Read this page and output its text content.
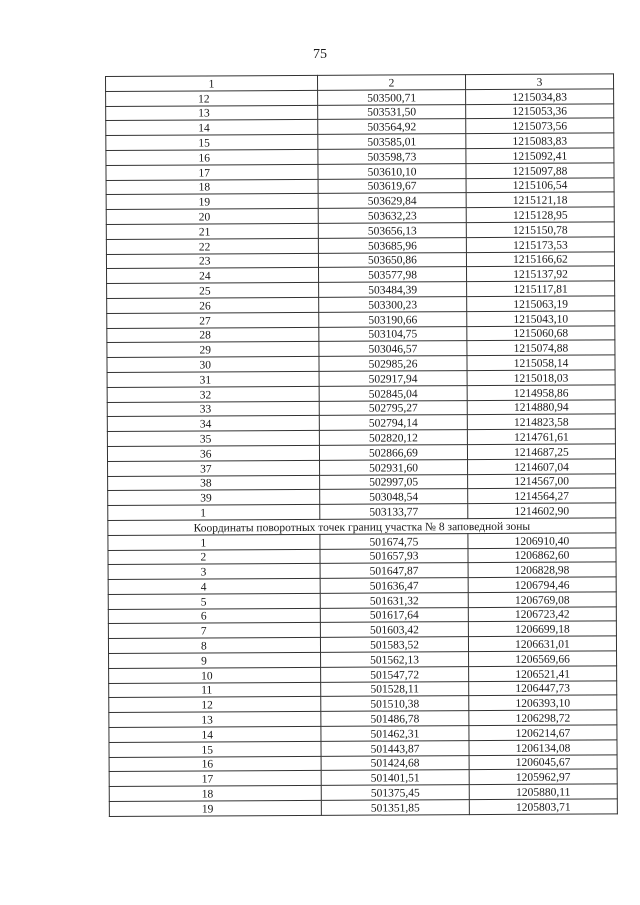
75
1	2	3
12	503500,71	1215034,83
13	503531,50	1215053,36
14	503564,92	1215073,56
15	503585,01	1215083,83
16	503598,73	1215092,41
17	503610,10	1215097,88
18	503619,67	1215106,54
19	503629,84	1215121,18
20	503632,23	1215128,95
21	503656,13	1215150,78
22	503685,96	1215173,53
23	503650,86	1215166,62
24	503577,98	1215137,92
25	503484,39	1215117,81
26	503300,23	1215063,19
27	503190,66	1215043,10
28	503104,75	1215060,68
29	503046,57	1215074,88
30	502985,26	1215058,14
31	502917,94	1215018,03
32	502845,04	1214958,86
33	502795,27	1214880,94
34	502794,14	1214823,58
35	502820,12	1214761,61
36	502866,69	1214687,25
37	502931,60	1214607,04
38	502997,05	1214567,00
39	503048,54	1214564,27
1	503133,77	1214602,90
Координаты поворотных точек границ участка № 8 заповедной зоны		
1	501674,75	1206910,40
2	501657,93	1206862,60
3	501647,87	1206828,98
4	501636,47	1206794,46
5	501631,32	1206769,08
6	501617,64	1206723,42
7	501603,42	1206699,18
8	501583,52	1206631,01
9	501562,13	1206569,66
10	501547,72	1206521,41
11	501528,11	1206447,73
12	501510,38	1206393,10
13	501486,78	1206298,72
14	501462,31	1206214,67
15	501443,87	1206134,08
16	501424,68	1206045,67
17	501401,51	1205962,97
18	501375,45	1205880,11
19	501351,85	1205803,71
